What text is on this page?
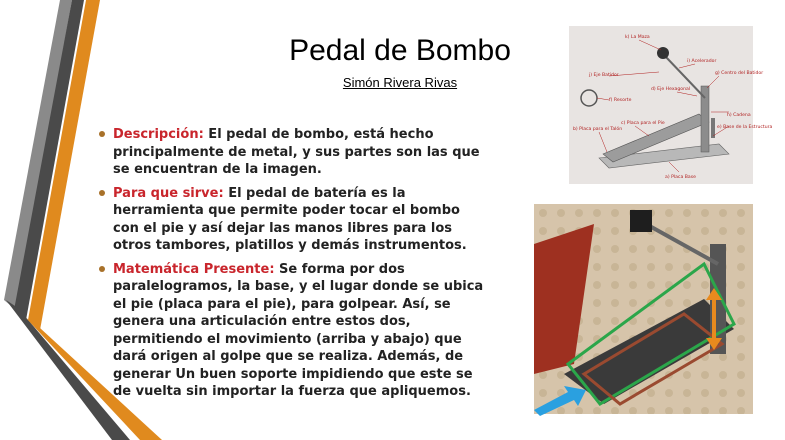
Pedal de Bombo
Simón Rivera Rivas
Descripción: El pedal de bombo, está hecho principalmente de metal, y sus partes son las que se encuentran de la imagen.
Para que sirve: El pedal de batería es la herramienta que permite poder tocar el bombo con el pie y así dejar las manos libres para los otros tambores, platillos y demás instrumentos.
Matemática Presente: Se forma por dos paralelogramos, la base, y el lugar donde se ubica el pie (placa para el pie), para golpear. Así, se genera una articulación entre estos dos, permitiendo el movimiento (arriba y abajo) que dará origen al golpe que se realiza. Además, de generar Un buen soporte impidiendo que este se de vuelta sin importar la fuerza que apliquemos.
k) La Maza
i) Acelerador
j) Eje Batidor	g) Centro del Batidor
d) Eje Hexagonal
f) Resorte
h) Cadena
c) Placa para el Pie
b) Placa para el Talón	e) Base de la Estructura
a) Placa Base
